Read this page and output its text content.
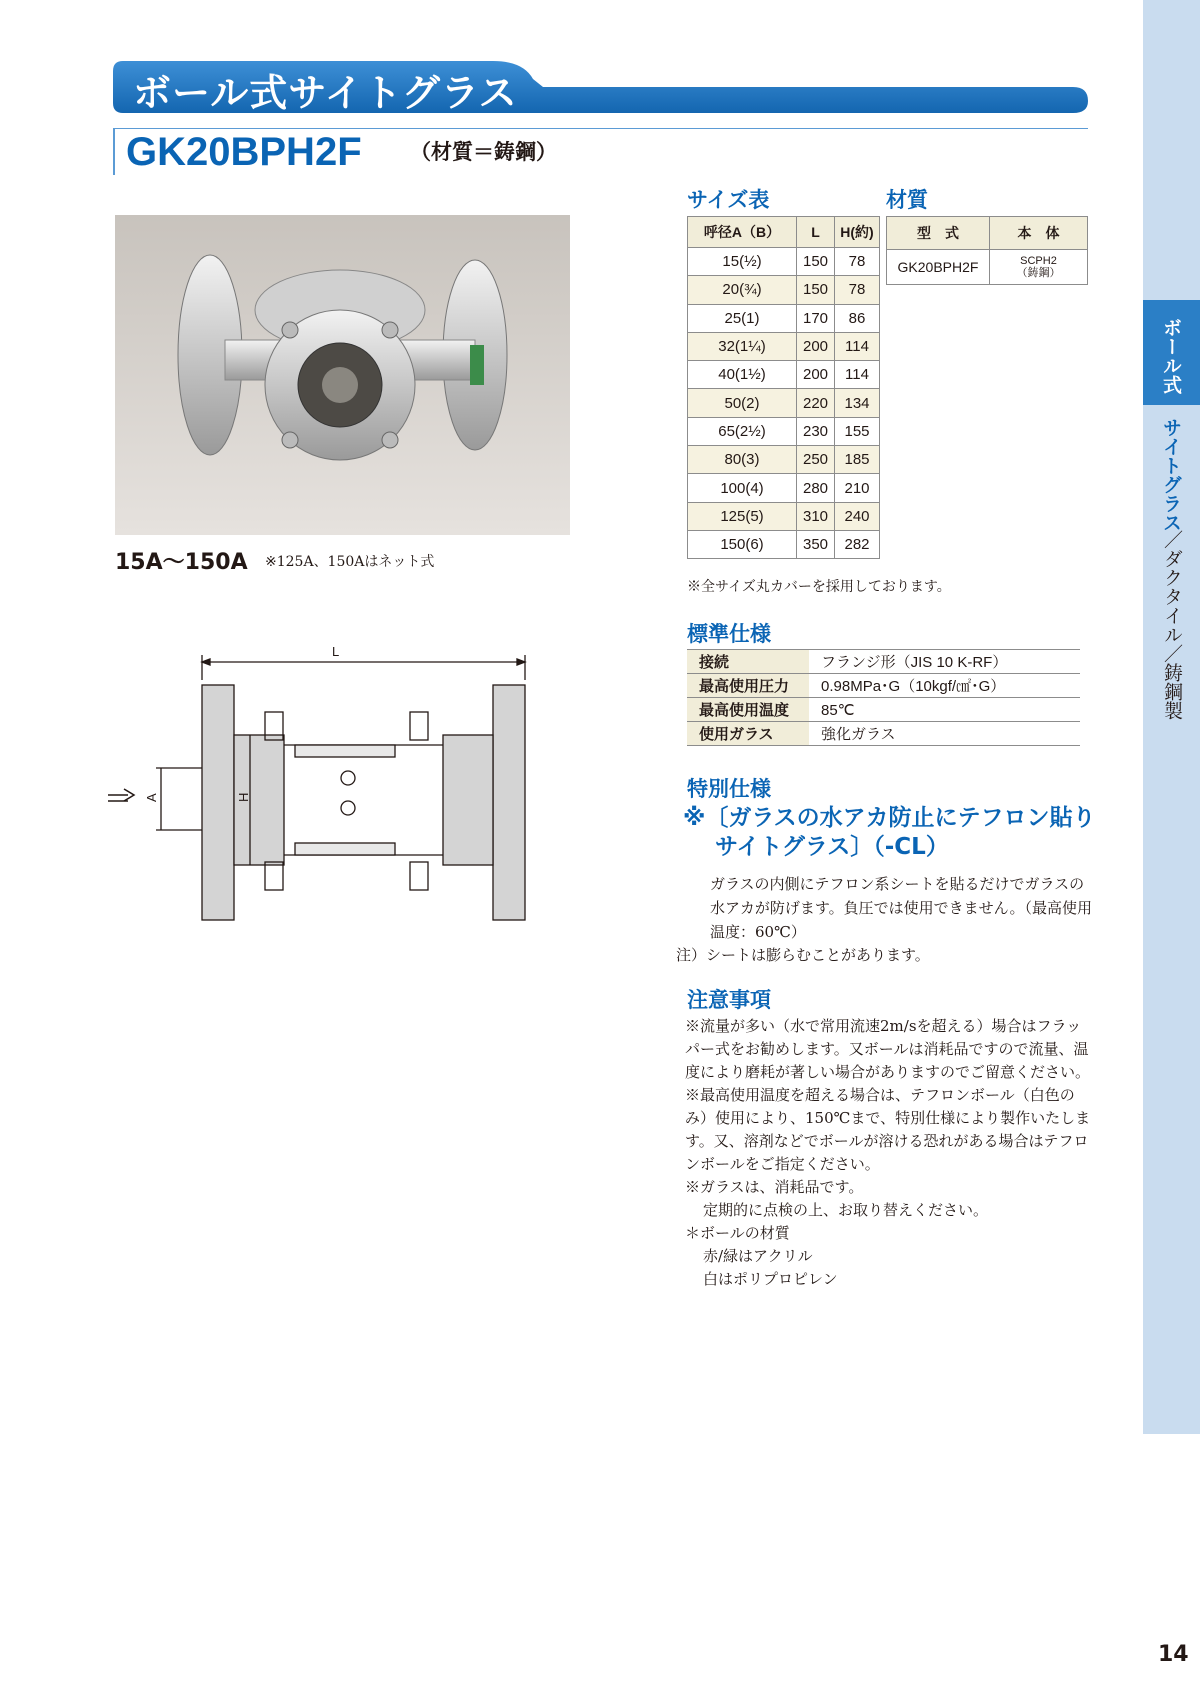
ボール式サイトグラス
GK20BPH2F （材質＝鋳鋼）
ボール式
サイトグラス
／ダクタイル／鋳鋼製
14
15A～150A ※125A、150Aはネット式
L
A	H
サイズ表
呼径A（B）	L	H(約)
15(½)	150	78
20(¾)	150	78
25(1)	170	86
32(1¼)	200	114
40(1½)	200	114
50(2)	220	134
65(2½)	230	155
80(3)	250	185
100(4)	280	210
125(5)	310	240
150(6)	350	282
※全サイズ丸カバーを採用しております。
材質
型　式	本　体
GK20BPH2F	SCPH2
（鋳鋼）
標準仕様
接続	フランジ形（JIS 10 K-RF）
最高使用圧力	0.98MPa･G（10kgf/㎠･G）
最高使用温度	85℃
使用ガラス	強化ガラス
特別仕様
※〔ガラスの水アカ防止にテフロン貼り
サイトグラス〕（-CL）
ガラスの内側にテフロン系シートを貼るだけでガラスの水アカが防げます。負圧では使用できません。（最高使用温度：60℃）
注）シートは膨らむことがあります。
注意事項

※流量が多い（水で常用流速2m/sを超える）場合はフラッパー式をお勧めします。又ボールは消耗品ですので流量、温度により磨耗が著しい場合がありますのでご留意ください。

※最高使用温度を超える場合は、テフロンボール（白色のみ）使用により、150℃まで、特別仕様により製作いたします。又、溶剤などでボールが溶ける恐れがある場合はテフロンボールをご指定ください。

※ガラスは、消耗品です。

定期的に点検の上、お取り替えください。

＊ボールの材質

赤/緑はアクリル

白はポリプロピレン
